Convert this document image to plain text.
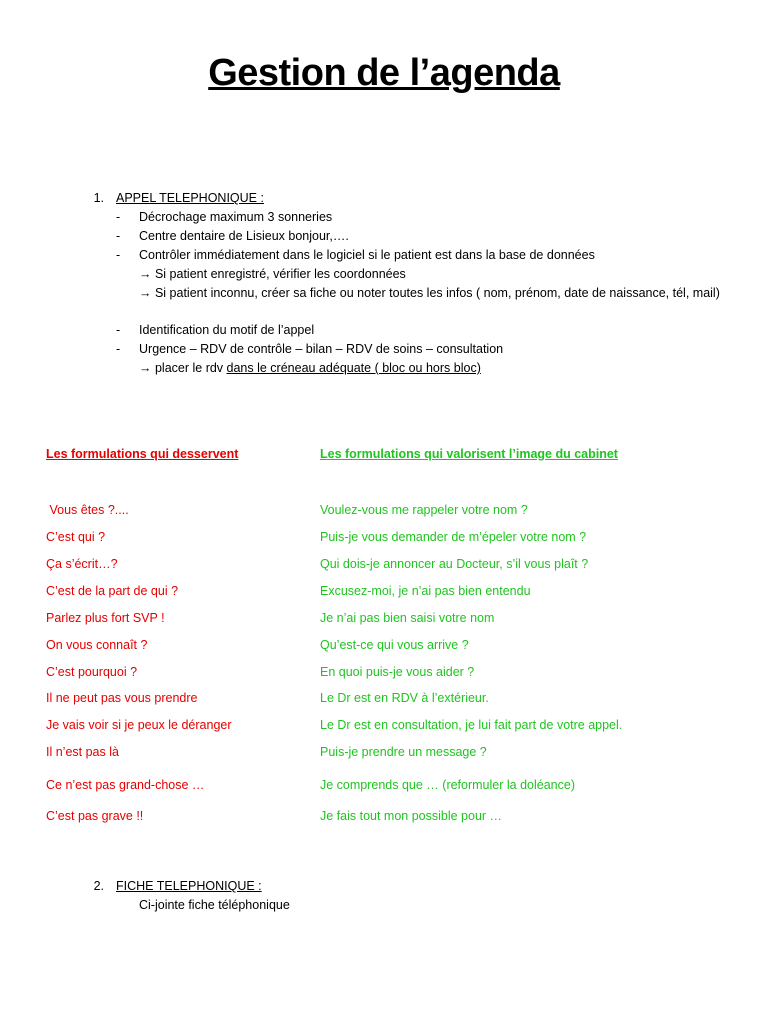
Gestion de l’agenda
1. APPEL TELEPHONIQUE :
-	Décrochage maximum 3 sonneries
-	Centre dentaire de Lisieux bonjour,….
-	Contrôler immédiatement dans le logiciel si le patient est dans la base de données
→ Si patient enregistré, vérifier les coordonnées
→ Si patient inconnu, créer sa fiche ou noter toutes les infos ( nom, prénom, date de naissance, tél, mail)
-	Identification du motif de l’appel
-	Urgence – RDV de contrôle – bilan – RDV de soins – consultation
→ placer le rdv dans le créneau adéquate ( bloc ou hors bloc)
Les formulations qui desservent	Les formulations qui valorisent l’image du cabinet
Vous êtes ?....	Voulez-vous me rappeler votre nom ?
C’est qui ?	Puis-je vous demander de m’épeler votre nom ?
Ça s’écrit…?	Qui dois-je annoncer au Docteur, s’il vous plaît ?
C’est de la part de qui ?	Excusez-moi, je n’ai pas bien entendu
Parlez plus fort SVP !	Je n’ai pas bien saisi votre nom
On vous connaît ?	Qu’est-ce qui vous arrive ?
C’est pourquoi ?	En quoi puis-je vous aider ?
Il ne peut pas vous prendre	Le Dr est en RDV à l’extérieur.
Je vais voir si je peux le déranger	Le Dr est en consultation, je lui fait part de votre appel.
Il n’est pas là	Puis-je prendre un message ?
Ce n’est pas grand-chose …	Je comprends que … (reformuler la doléance)
C’est pas grave !!	Je fais tout mon possible pour …
2. FICHE TELEPHONIQUE :
Ci-jointe fiche téléphonique
